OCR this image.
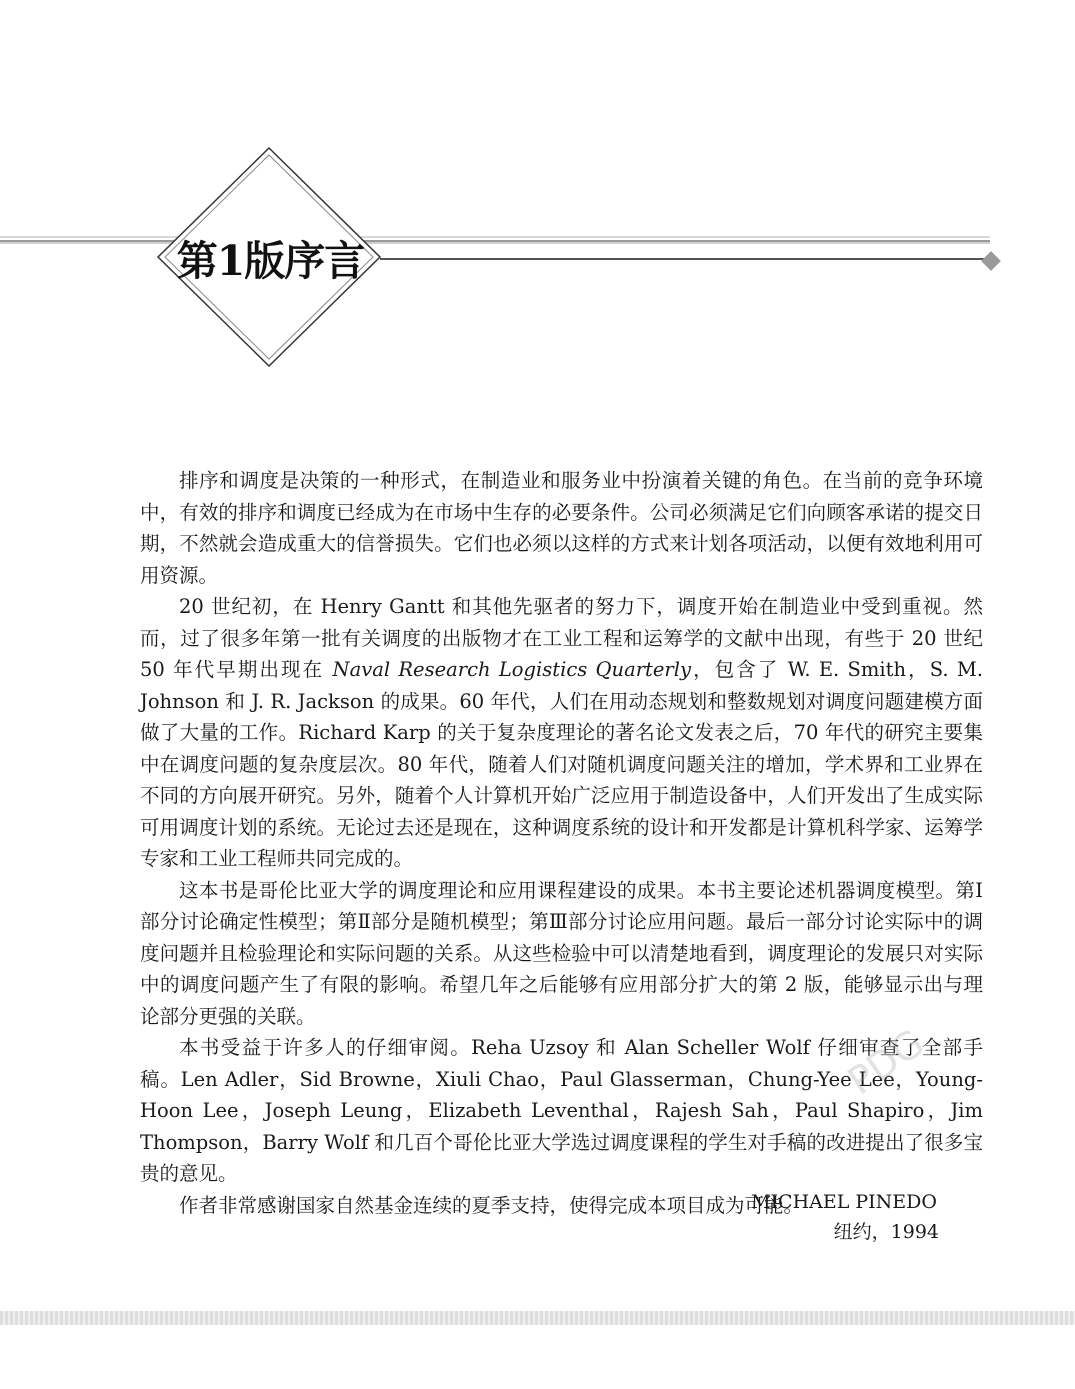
第1版序言

排序和调度是决策的一种形式，在制造业和服务业中扮演着关键的角色。在当前的竞争环境中，有效的排序和调度已经成为在市场中生存的必要条件。公司必须满足它们向顾客承诺的提交日期，不然就会造成重大的信誉损失。它们也必须以这样的方式来计划各项活动，以便有效地利用可用资源。

20 世纪初，在 Henry Gantt 和其他先驱者的努力下，调度开始在制造业中受到重视。然而，过了很多年第一批有关调度的出版物才在工业工程和运筹学的文献中出现，有些于 20 世纪 50 年代早期出现在 Naval Research Logistics Quarterly，包含了 W. E. Smith，S. M. Johnson 和 J. R. Jackson 的成果。60 年代，人们在用动态规划和整数规划对调度问题建模方面做了大量的工作。Richard Karp 的关于复杂度理论的著名论文发表之后，70 年代的研究主要集中在调度问题的复杂度层次。80 年代，随着人们对随机调度问题关注的增加，学术界和工业界在不同的方向展开研究。另外，随着个人计算机开始广泛应用于制造设备中，人们开发出了生成实际可用调度计划的系统。无论过去还是现在，这种调度系统的设计和开发都是计算机科学家、运筹学专家和工业工程师共同完成的。

这本书是哥伦比亚大学的调度理论和应用课程建设的成果。本书主要论述机器调度模型。第Ⅰ部分讨论确定性模型；第Ⅱ部分是随机模型；第Ⅲ部分讨论应用问题。最后一部分讨论实际中的调度问题并且检验理论和实际问题的关系。从这些检验中可以清楚地看到，调度理论的发展只对实际中的调度问题产生了有限的影响。希望几年之后能够有应用部分扩大的第 2 版，能够显示出与理论部分更强的关联。

本书受益于许多人的仔细审阅。Reha Uzsoy 和 Alan Scheller Wolf 仔细审查了全部手稿。Len Adler，Sid Browne，Xiuli Chao，Paul Glasserman，Chung-Yee Lee，Young-Hoon Lee，Joseph Leung，Elizabeth Leventhal，Rajesh Sah，Paul Shapiro，Jim Thompson，Barry Wolf 和几百个哥伦比亚大学选过调度课程的学生对手稿的改进提出了很多宝贵的意见。

作者非常感谢国家自然基金连续的夏季支持，使得完成本项目成为可能。

MICHAEL PINEDO
纽约，1994
PDG
